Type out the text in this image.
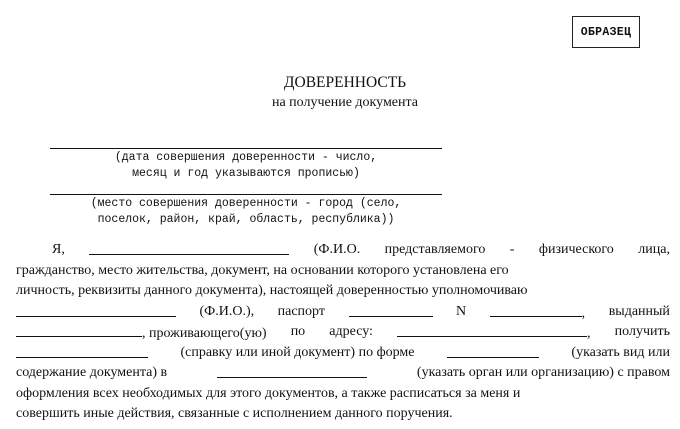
ОБРАЗЕЦ
ДОВЕРЕННОСТЬ
на получение документа
(дата совершения доверенности - число,
месяц и год указываются прописью)
(место совершения доверенности - город (село,
поселок, район, край, область, республика))
Я,	(Ф.И.О. представляемого - физического лица,
гражданство, место жительства, документ, на основании которого установлена его
личность, реквизиты данного документа), настоящей доверенностью уполномочиваю
(Ф.И.О.), паспорт	N	, выданный
, проживающего(ую) по адресу:	, получить
(справку или иной документ) по форме	(указать вид или
содержание документа) в	(указать орган или организацию) с правом
оформления всех необходимых для этого документов, а также расписаться за меня и
совершить иные действия, связанные с исполнением данного поручения.
